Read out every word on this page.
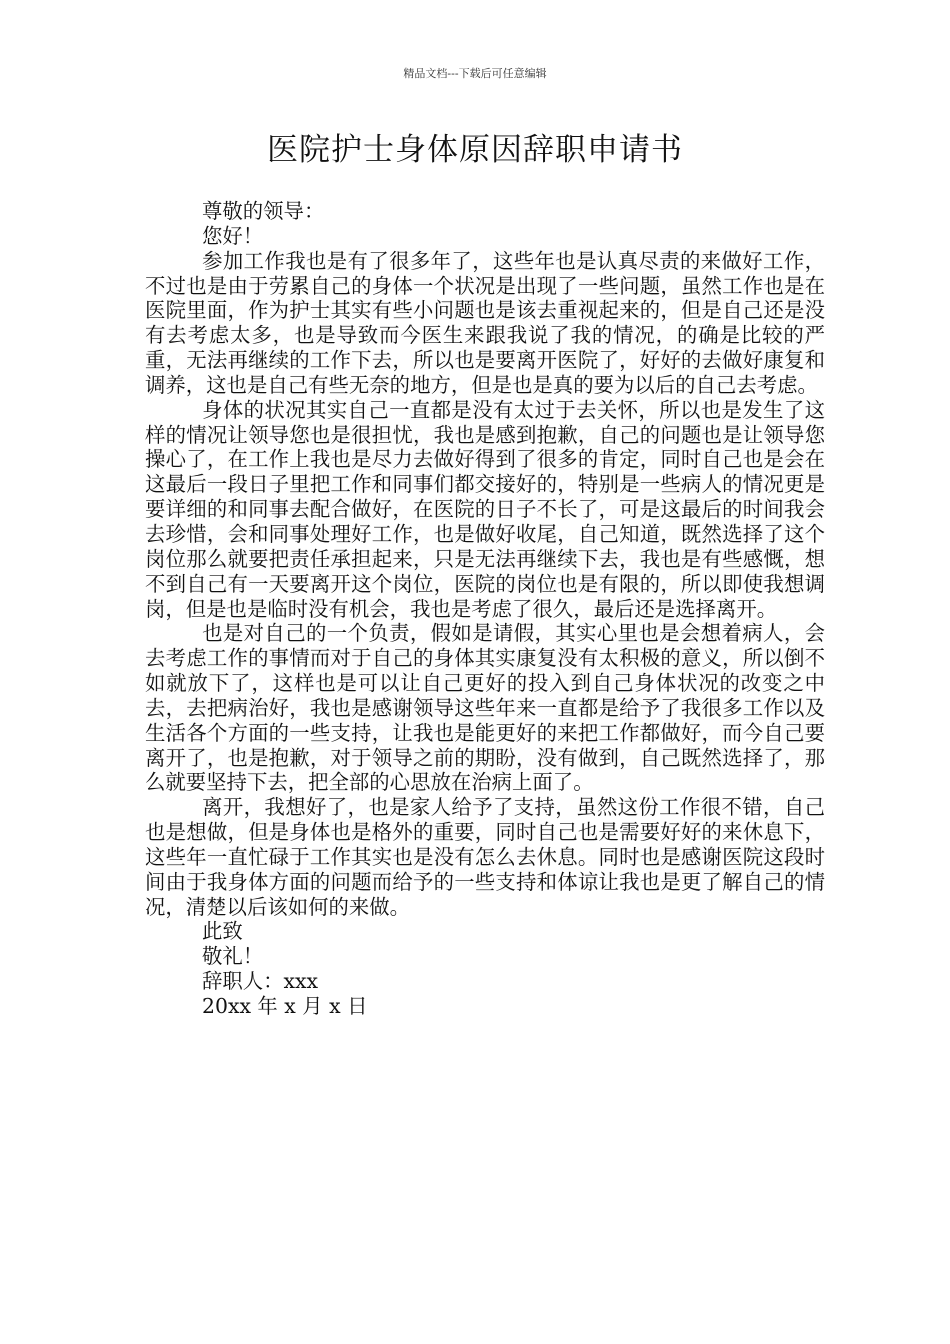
精品文档---下载后可任意编辑
医院护士身体原因辞职申请书

尊敬的领导：

您好！

参加工作我也是有了很多年了，这些年也是认真尽责的来做好工作，不过也是由于劳累自己的身体一个状况是出现了一些问题，虽然工作也是在医院里面，作为护士其实有些小问题也是该去重视起来的，但是自己还是没有去考虑太多，也是导致而今医生来跟我说了我的情况，的确是比较的严重，无法再继续的工作下去，所以也是要离开医院了，好好的去做好康复和调养，这也是自己有些无奈的地方，但是也是真的要为以后的自己去考虑。

身体的状况其实自己一直都是没有太过于去关怀，所以也是发生了这样的情况让领导您也是很担忧，我也是感到抱歉，自己的问题也是让领导您操心了，在工作上我也是尽力去做好得到了很多的肯定，同时自己也是会在这最后一段日子里把工作和同事们都交接好的，特别是一些病人的情况更是要详细的和同事去配合做好，在医院的日子不长了，可是这最后的时间我会去珍惜，会和同事处理好工作，也是做好收尾，自己知道，既然选择了这个岗位那么就要把责任承担起来，只是无法再继续下去，我也是有些感慨，想不到自己有一天要离开这个岗位，医院的岗位也是有限的，所以即使我想调岗，但是也是临时没有机会，我也是考虑了很久，最后还是选择离开。

也是对自己的一个负责，假如是请假，其实心里也是会想着病人，会去考虑工作的事情而对于自己的身体其实康复没有太积极的意义，所以倒不如就放下了，这样也是可以让自己更好的投入到自己身体状况的改变之中去，去把病治好，我也是感谢领导这些年来一直都是给予了我很多工作以及生活各个方面的一些支持，让我也是能更好的来把工作都做好，而今自己要离开了，也是抱歉，对于领导之前的期盼，没有做到，自己既然选择了，那么就要坚持下去，把全部的心思放在治病上面了。

离开，我想好了，也是家人给予了支持，虽然这份工作很不错，自己也是想做，但是身体也是格外的重要，同时自己也是需要好好的来休息下，这些年一直忙碌于工作其实也是没有怎么去休息。同时也是感谢医院这段时间由于我身体方面的问题而给予的一些支持和体谅让我也是更了解自己的情况，清楚以后该如何的来做。

此致

敬礼！

辞职人：xxx

20xx 年 x 月 x 日
